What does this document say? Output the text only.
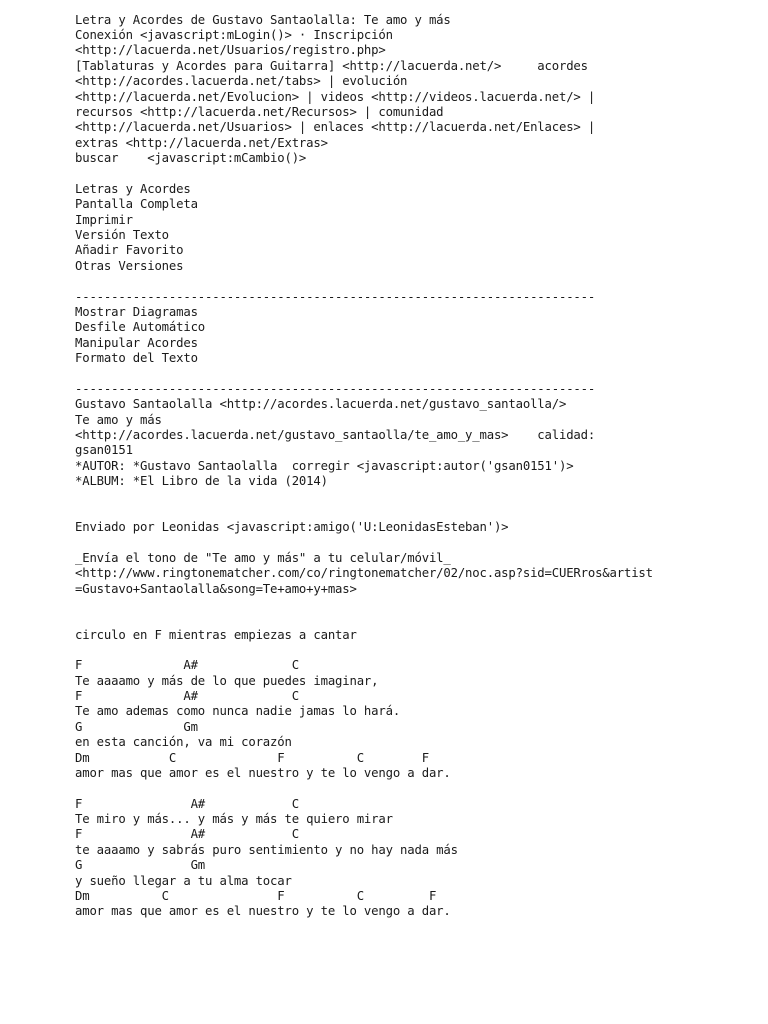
Letra y Acordes de Gustavo Santaolalla: Te amo y más

Conexión <javascript:mLogin()> · Inscripción

<http://lacuerda.net/Usuarios/registro.php>

[Tablaturas y Acordes para Guitarra] <http://lacuerda.net/>     acordes

<http://acordes.lacuerda.net/tabs> | evolución

<http://lacuerda.net/Evolucion> | videos <http://videos.lacuerda.net/> |

recursos <http://lacuerda.net/Recursos> | comunidad

<http://lacuerda.net/Usuarios> | enlaces <http://lacuerda.net/Enlaces> |

extras <http://lacuerda.net/Extras>

buscar    <javascript:mCambio()>

Letras y Acordes

Pantalla Completa

Imprimir

Versión Texto

Añadir Favorito

Otras Versiones

------------------------------------------------------------------------

Mostrar Diagramas

Desfile Automático

Manipular Acordes

Formato del Texto

------------------------------------------------------------------------

Gustavo Santaolalla <http://acordes.lacuerda.net/gustavo_santaolla/>

Te amo y más

<http://acordes.lacuerda.net/gustavo_santaolla/te_amo_y_mas>    calidad:

gsan0151

*AUTOR: *Gustavo Santaolalla  corregir <javascript:autor('gsan0151')>

*ALBUM: *El Libro de la vida (2014)

Enviado por Leonidas <javascript:amigo('U:LeonidasEsteban')>

_Envía el tono de "Te amo y más" a tu celular/móvil_

<http://www.ringtonematcher.com/co/ringtonematcher/02/noc.asp?sid=CUERros&artist

=Gustavo+Santaolalla&song=Te+amo+y+mas>

circulo en F mientras empiezas a cantar

F              A#             C

Te aaaamo y más de lo que puedes imaginar,

F              A#             C

Te amo ademas como nunca nadie jamas lo hará.

G              Gm

en esta canción, va mi corazón

Dm           C              F          C        F

amor mas que amor es el nuestro y te lo vengo a dar.

F               A#            C

Te miro y más... y más y más te quiero mirar

F               A#            C

te aaaamo y sabrás puro sentimiento y no hay nada más

G               Gm

y sueño llegar a tu alma tocar

Dm          C               F          C         F

amor mas que amor es el nuestro y te lo vengo a dar.
